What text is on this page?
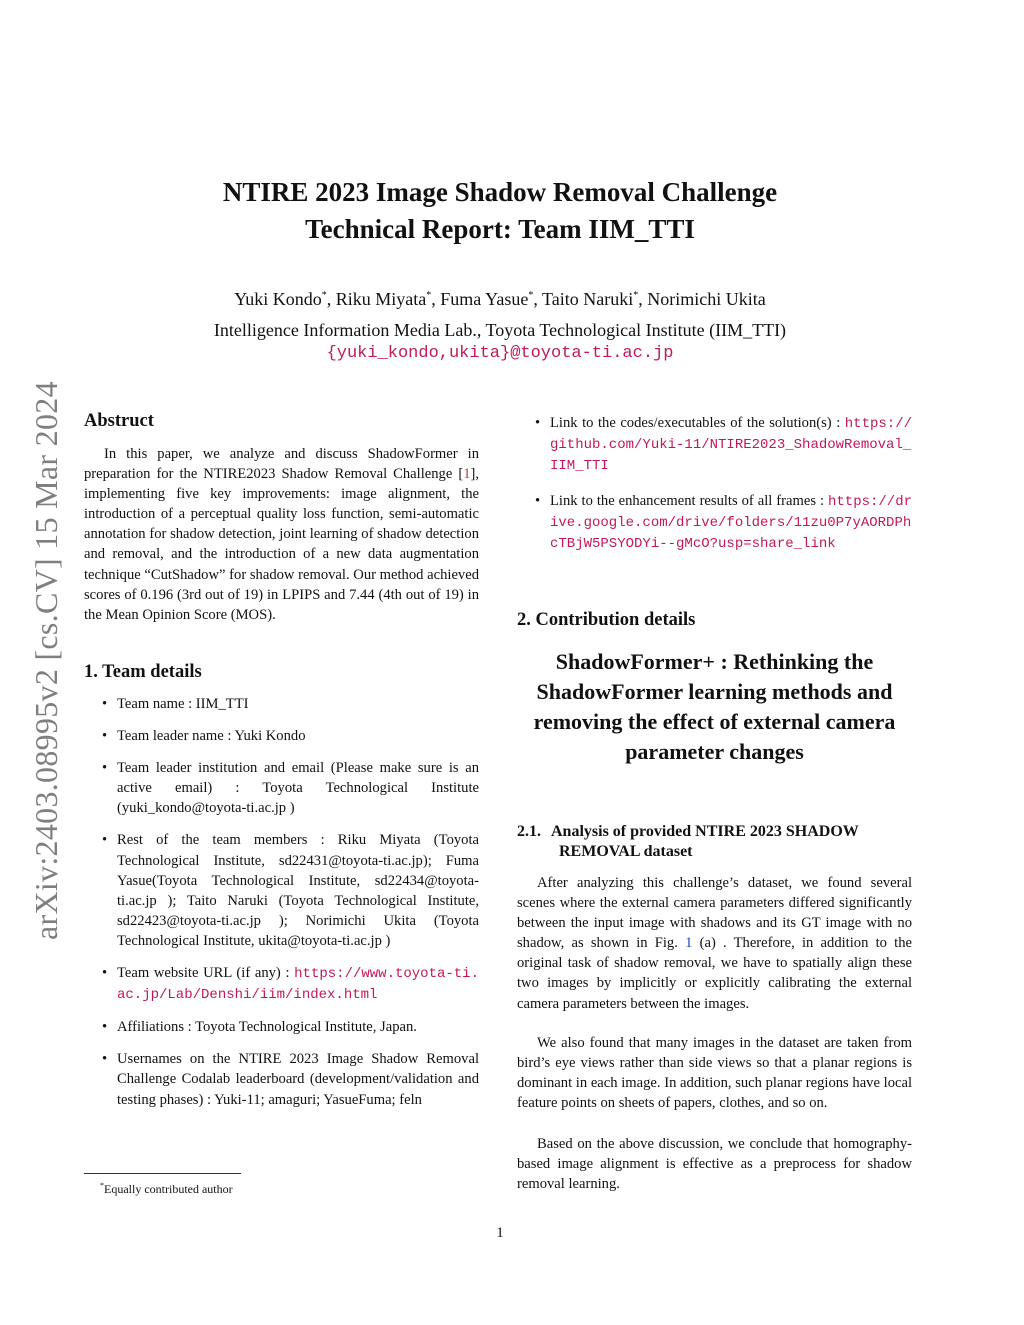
arXiv:2403.08995v2 [cs.CV] 15 Mar 2024
NTIRE 2023 Image Shadow Removal Challenge
Technical Report: Team IIM_TTI
Yuki Kondo*, Riku Miyata*, Fuma Yasue*, Taito Naruki*, Norimichi Ukita
Intelligence Information Media Lab., Toyota Technological Institute (IIM_TTI)
{yuki_kondo,ukita}@toyota-ti.ac.jp
Abstruct
In this paper, we analyze and discuss ShadowFormer in preparation for the NTIRE2023 Shadow Removal Challenge [1], implementing five key improvements: image alignment, the introduction of a perceptual quality loss function, semi-automatic annotation for shadow detection, joint learning of shadow detection and removal, and the introduction of a new data augmentation technique “CutShadow” for shadow removal. Our method achieved scores of 0.196 (3rd out of 19) in LPIPS and 7.44 (4th out of 19) in the Mean Opinion Score (MOS).
1. Team details
• Team name : IIM_TTI
• Team leader name : Yuki Kondo
• Team leader institution and email (Please make sure is an active email) : Toyota Technological Institute (yuki_kondo@toyota-ti.ac.jp )
• Rest of the team members : Riku Miyata (Toyota Technological Institute, sd22431@toyota-ti.ac.jp); Fuma Yasue(Toyota Technological Institute, sd22434@toyota-ti.ac.jp ); Taito Naruki (Toyota Technological Institute, sd22423@toyota-ti.ac.jp ); Norimichi Ukita (Toyota Technological Institute, ukita@toyota-ti.ac.jp )
• Team website URL (if any) : https://www.toyota-ti.ac.jp/Lab/Denshi/iim/index.html
• Affiliations : Toyota Technological Institute, Japan.
• Usernames on the NTIRE 2023 Image Shadow Removal Challenge Codalab leaderboard (development/validation and testing phases) : Yuki-11; amaguri; YasueFuma; feln
*Equally contributed author
• Link to the codes/executables of the solution(s) : https://github.com/Yuki-11/NTIRE2023_ShadowRemoval_IIM_TTI
• Link to the enhancement results of all frames : https://drive.google.com/drive/folders/11zu0P7yAORDPhcTBjW5PSYODYi--gMcO?usp=share_link
2. Contribution details
ShadowFormer+ : Rethinking the ShadowFormer learning methods and removing the effect of external camera parameter changes
2.1. Analysis of provided NTIRE 2023 SHADOW
REMOVAL dataset
After analyzing this challenge’s dataset, we found several scenes where the external camera parameters differed significantly between the input image with shadows and its GT image with no shadow, as shown in Fig. 1 (a) . Therefore, in addition to the original task of shadow removal, we have to spatially align these two images by implicitly or explicitly calibrating the external camera parameters between the images.
We also found that many images in the dataset are taken from bird’s eye views rather than side views so that a planar regions is dominant in each image. In addition, such planar regions have local feature points on sheets of papers, clothes, and so on.
Based on the above discussion, we conclude that homography-based image alignment is effective as a preprocess for shadow removal learning.
1
